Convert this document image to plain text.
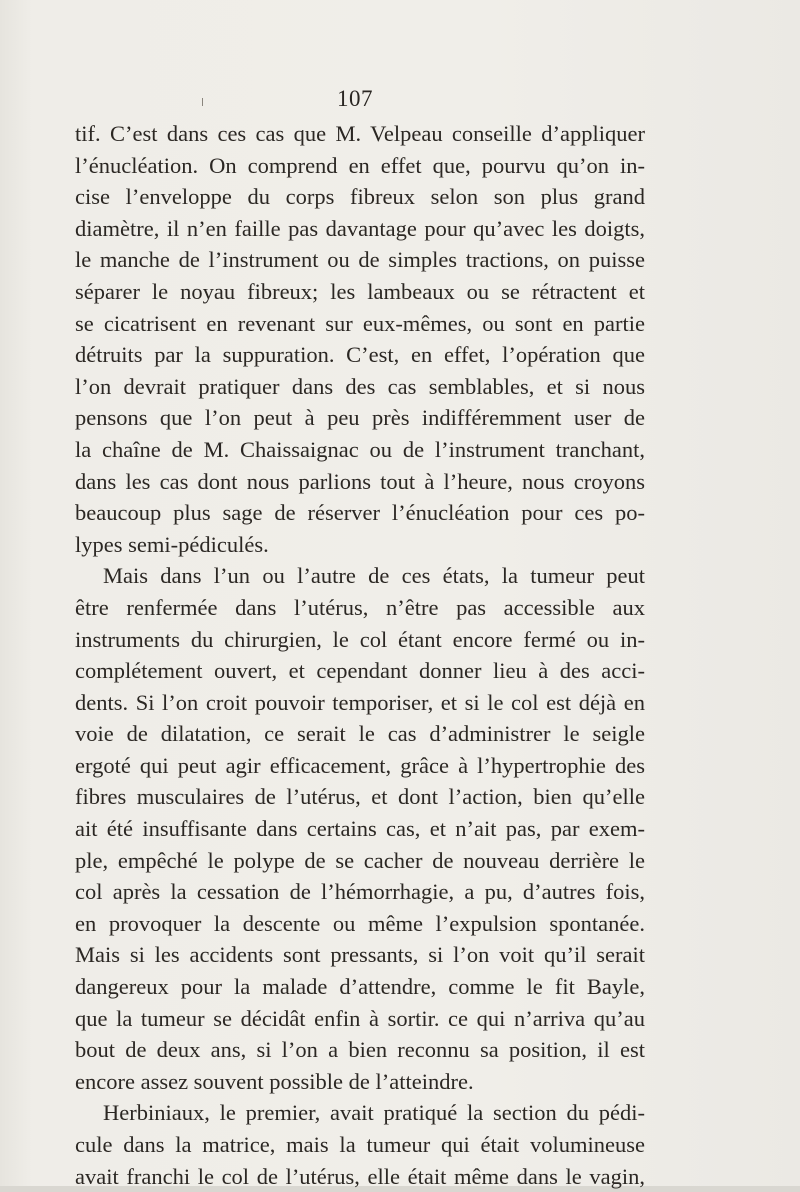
107
tif. C’est dans ces cas que M. Velpeau conseille d’appliquer
l’énucléation. On comprend en effet que, pourvu qu’on in-
cise l’enveloppe du corps fibreux selon son plus grand
diamètre, il n’en faille pas davantage pour qu’avec les doigts,
le manche de l’instrument ou de simples tractions, on puisse
séparer le noyau fibreux; les lambeaux ou se rétractent et
se cicatrisent en revenant sur eux-mêmes, ou sont en partie
détruits par la suppuration. C’est, en effet, l’opération que
l’on devrait pratiquer dans des cas semblables, et si nous
pensons que l’on peut à peu près indifféremment user de
la chaîne de M. Chaissaignac ou de l’instrument tranchant,
dans les cas dont nous parlions tout à l’heure, nous croyons
beaucoup plus sage de réserver l’énucléation pour ces po-
lypes semi-pédiculés.
Mais dans l’un ou l’autre de ces états, la tumeur peut
être renfermée dans l’utérus, n’être pas accessible aux
instruments du chirurgien, le col étant encore fermé ou in-
complétement ouvert, et cependant donner lieu à des acci-
dents. Si l’on croit pouvoir temporiser, et si le col est déjà en
voie de dilatation, ce serait le cas d’administrer le seigle
ergoté qui peut agir efficacement, grâce à l’hypertrophie des
fibres musculaires de l’utérus, et dont l’action, bien qu’elle
ait été insuffisante dans certains cas, et n’ait pas, par exem-
ple, empêché le polype de se cacher de nouveau derrière le
col après la cessation de l’hémorrhagie, a pu, d’autres fois,
en provoquer la descente ou même l’expulsion spontanée.
Mais si les accidents sont pressants, si l’on voit qu’il serait
dangereux pour la malade d’attendre, comme le fit Bayle,
que la tumeur se décidât enfin à sortir. ce qui n’arriva qu’au
bout de deux ans, si l’on a bien reconnu sa position, il est
encore assez souvent possible de l’atteindre.
Herbiniaux, le premier, avait pratiqué la section du pédi-
cule dans la matrice, mais la tumeur qui était volumineuse
avait franchi le col de l’utérus, elle était même dans le vagin,
